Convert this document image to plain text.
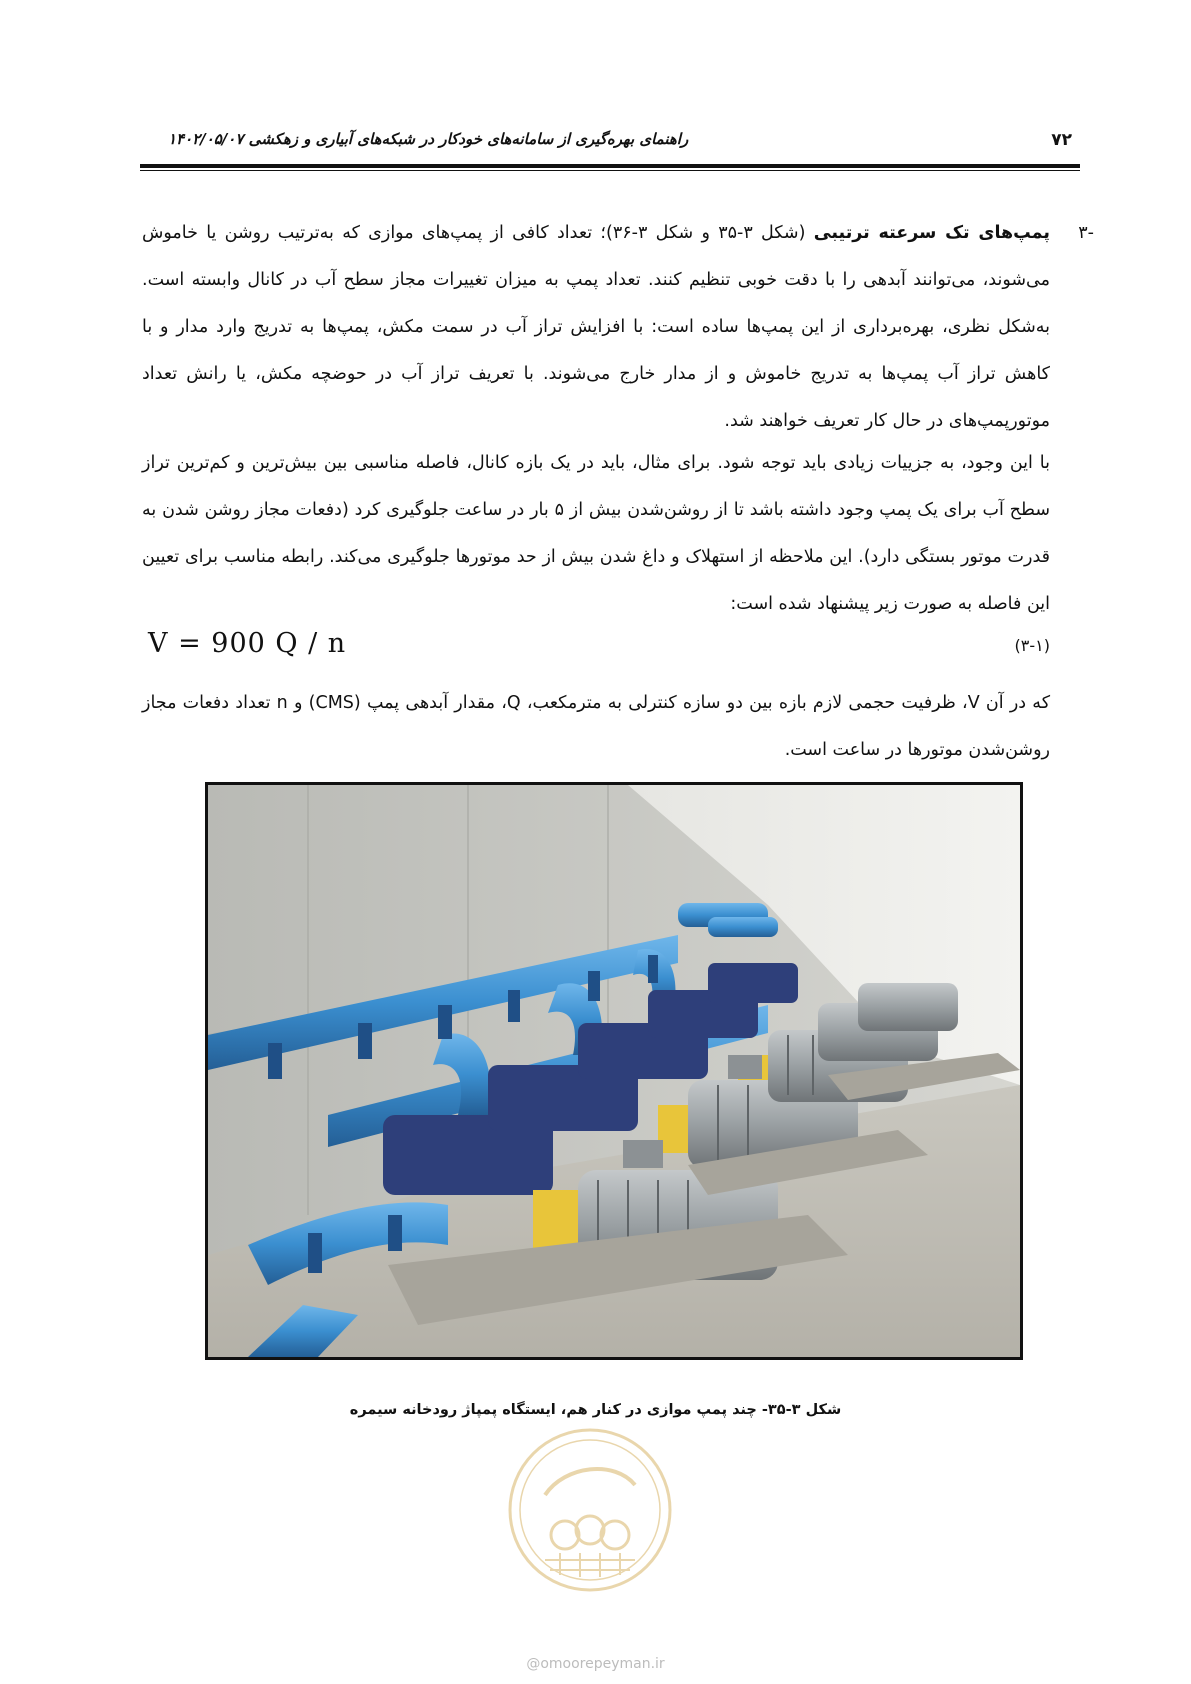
۷۲
راهنمای بهره‌گیری از سامانه‌های خودکار در شبکه‌های آبیاری و زهکشی ۱۴۰۲/۰۵/۰۷
-۳
پمپ‌های تک سرعته ترتیبی (شکل ۳-۳۵ و شکل ۳-۳۶)؛ تعداد کافی از پمپ‌های موازی که به‌ترتیب روشن یا خاموش می‌شوند، می‌توانند آبدهی را با دقت خوبی تنظیم کنند. تعداد پمپ به میزان تغییرات مجاز سطح آب در کانال وابسته است. به‌شکل نظری، بهره‌برداری از این پمپ‌ها ساده است: با افزایش تراز آب در سمت مکش، پمپ‌ها به تدریج وارد مدار و با کاهش تراز آب پمپ‌ها به تدریج خاموش و از مدار خارج می‌شوند. با تعریف تراز آب در حوضچه مکش، یا رانش تعداد موتورپمپ‌های در حال کار تعریف خواهند شد.
با این وجود، به جزییات زیادی باید توجه شود. برای مثال، باید در یک بازه کانال، فاصله مناسبی بین بیش‌ترین و کم‌ترین تراز سطح آب برای یک پمپ وجود داشته باشد تا از روشن‌شدن بیش از ۵ بار در ساعت جلوگیری کرد (دفعات مجاز روشن شدن به قدرت موتور بستگی دارد). این ملاحظه از استهلاک و داغ شدن بیش از حد موتورها جلوگیری می‌کند. رابطه مناسب برای تعیین این فاصله به صورت زیر پیشنهاد شده است:
V = 900 Q / n	(۳-۱)
که در آن V، ظرفیت حجمی لازم بازه بین دو سازه کنترلی به مترمکعب، Q، مقدار آبدهی پمپ (CMS) و n تعداد دفعات مجاز روشن‌شدن موتورها در ساعت است.
شکل ۳-۳۵- چند پمپ موازی در کنار هم، ایستگاه پمپاژ رودخانه سیمره
@omoorepeyman.ir
